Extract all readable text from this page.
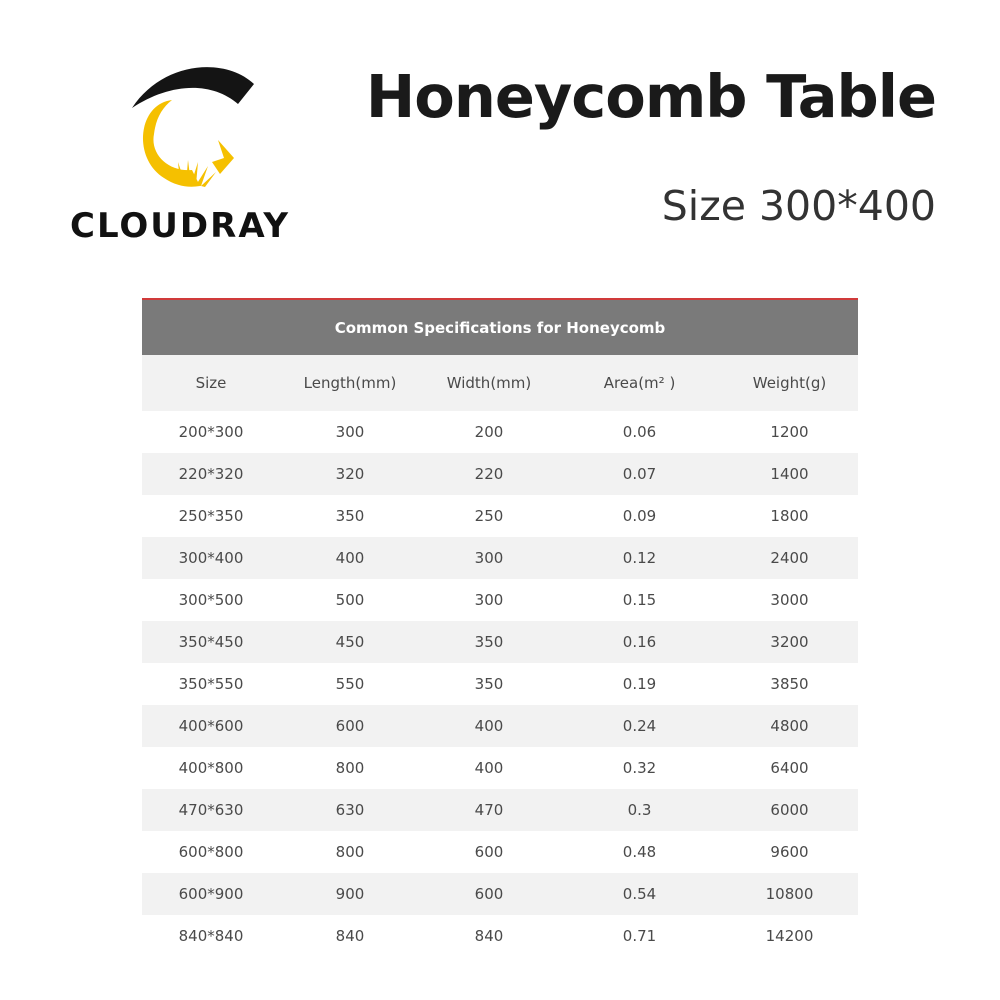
CLOUDRAY
Honeycomb Table
Size 300*400
Common Specifications for Honeycomb
Size	Length(mm)	Width(mm)	Area(m² )	Weight(g)
200*300	300	200	0.06	1200
220*320	320	220	0.07	1400
250*350	350	250	0.09	1800
300*400	400	300	0.12	2400
300*500	500	300	0.15	3000
350*450	450	350	0.16	3200
350*550	550	350	0.19	3850
400*600	600	400	0.24	4800
400*800	800	400	0.32	6400
470*630	630	470	0.3	6000
600*800	800	600	0.48	9600
600*900	900	600	0.54	10800
840*840	840	840	0.71	14200
